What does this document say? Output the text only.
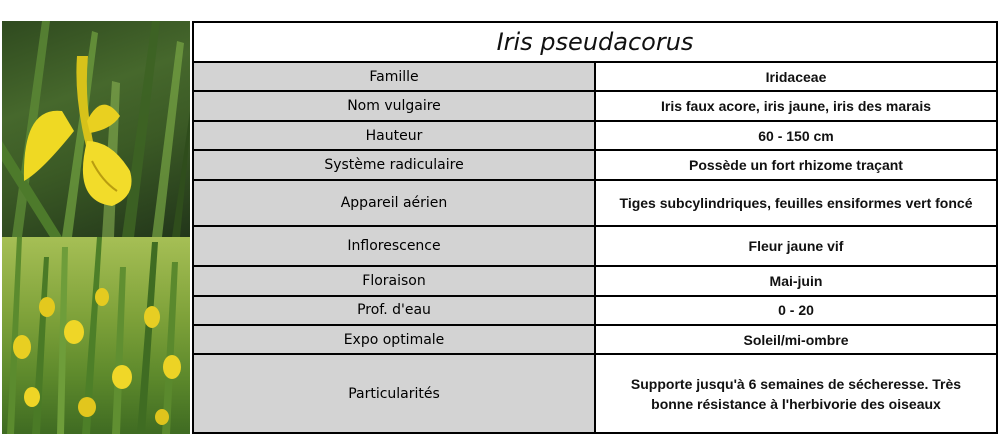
Iris pseudacorus	
Famille	Iridaceae
Nom vulgaire	Iris faux acore, iris jaune, iris des marais
Hauteur	60 - 150 cm
Système radiculaire	Possède un fort rhizome traçant
Appareil aérien	Tiges subcylindriques, feuilles ensiformes vert foncé
Inflorescence	Fleur jaune vif
Floraison	Mai-juin
Prof. d'eau	0 - 20
Expo optimale	Soleil/mi-ombre
Particularités	Supporte jusqu'à 6 semaines de sécheresse. Très bonne résistance à l'herbivorie des oiseaux
